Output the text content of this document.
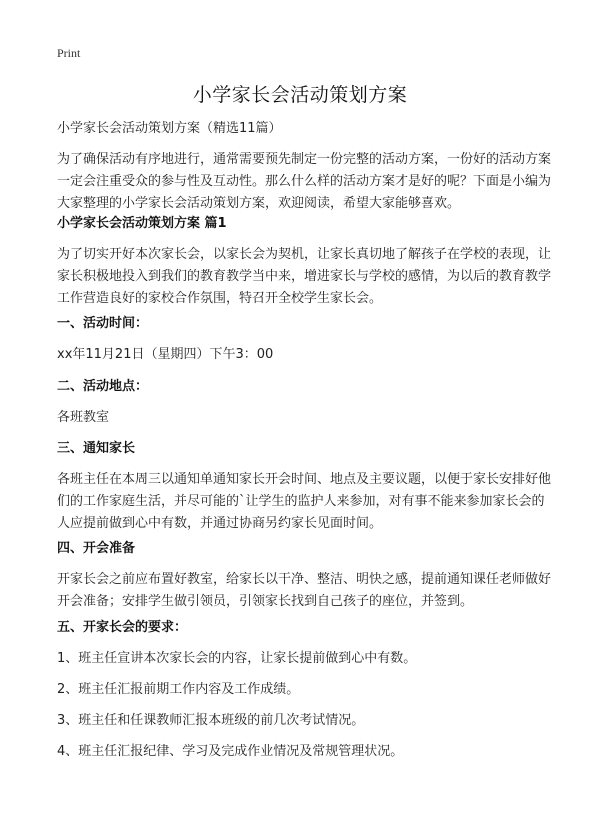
Print
小学家长会活动策划方案
小学家长会活动策划方案（精选11篇）
为了确保活动有序地进行，通常需要预先制定一份完整的活动方案，一份好的活动方案一定会注重受众的参与性及互动性。那么什么样的活动方案才是好的呢？下面是小编为大家整理的小学家长会活动策划方案，欢迎阅读，希望大家能够喜欢。
小学家长会活动策划方案 篇1
为了切实开好本次家长会，以家长会为契机，让家长真切地了解孩子在学校的表现，让家长积极地投入到我们的教育教学当中来，增进家长与学校的感情，为以后的教育教学工作营造良好的家校合作氛围，特召开全校学生家长会。
一、活动时间：
xx年11月21日（星期四）下午3：00
二、活动地点：
各班教室
三、通知家长
各班主任在本周三以通知单通知家长开会时间、地点及主要议题，以便于家长安排好他们的工作家庭生活，并尽可能的`让学生的监护人来参加，对有事不能来参加家长会的人应提前做到心中有数，并通过协商另约家长见面时间。
四、开会准备
开家长会之前应布置好教室，给家长以干净、整洁、明快之感，提前通知课任老师做好开会准备；安排学生做引领员，引领家长找到自己孩子的座位，并签到。
五、开家长会的要求：
1、班主任宣讲本次家长会的内容，让家长提前做到心中有数。
2、班主任汇报前期工作内容及工作成绩。
3、班主任和任课教师汇报本班级的前几次考试情况。
4、班主任汇报纪律、学习及完成作业情况及常规管理状况。
